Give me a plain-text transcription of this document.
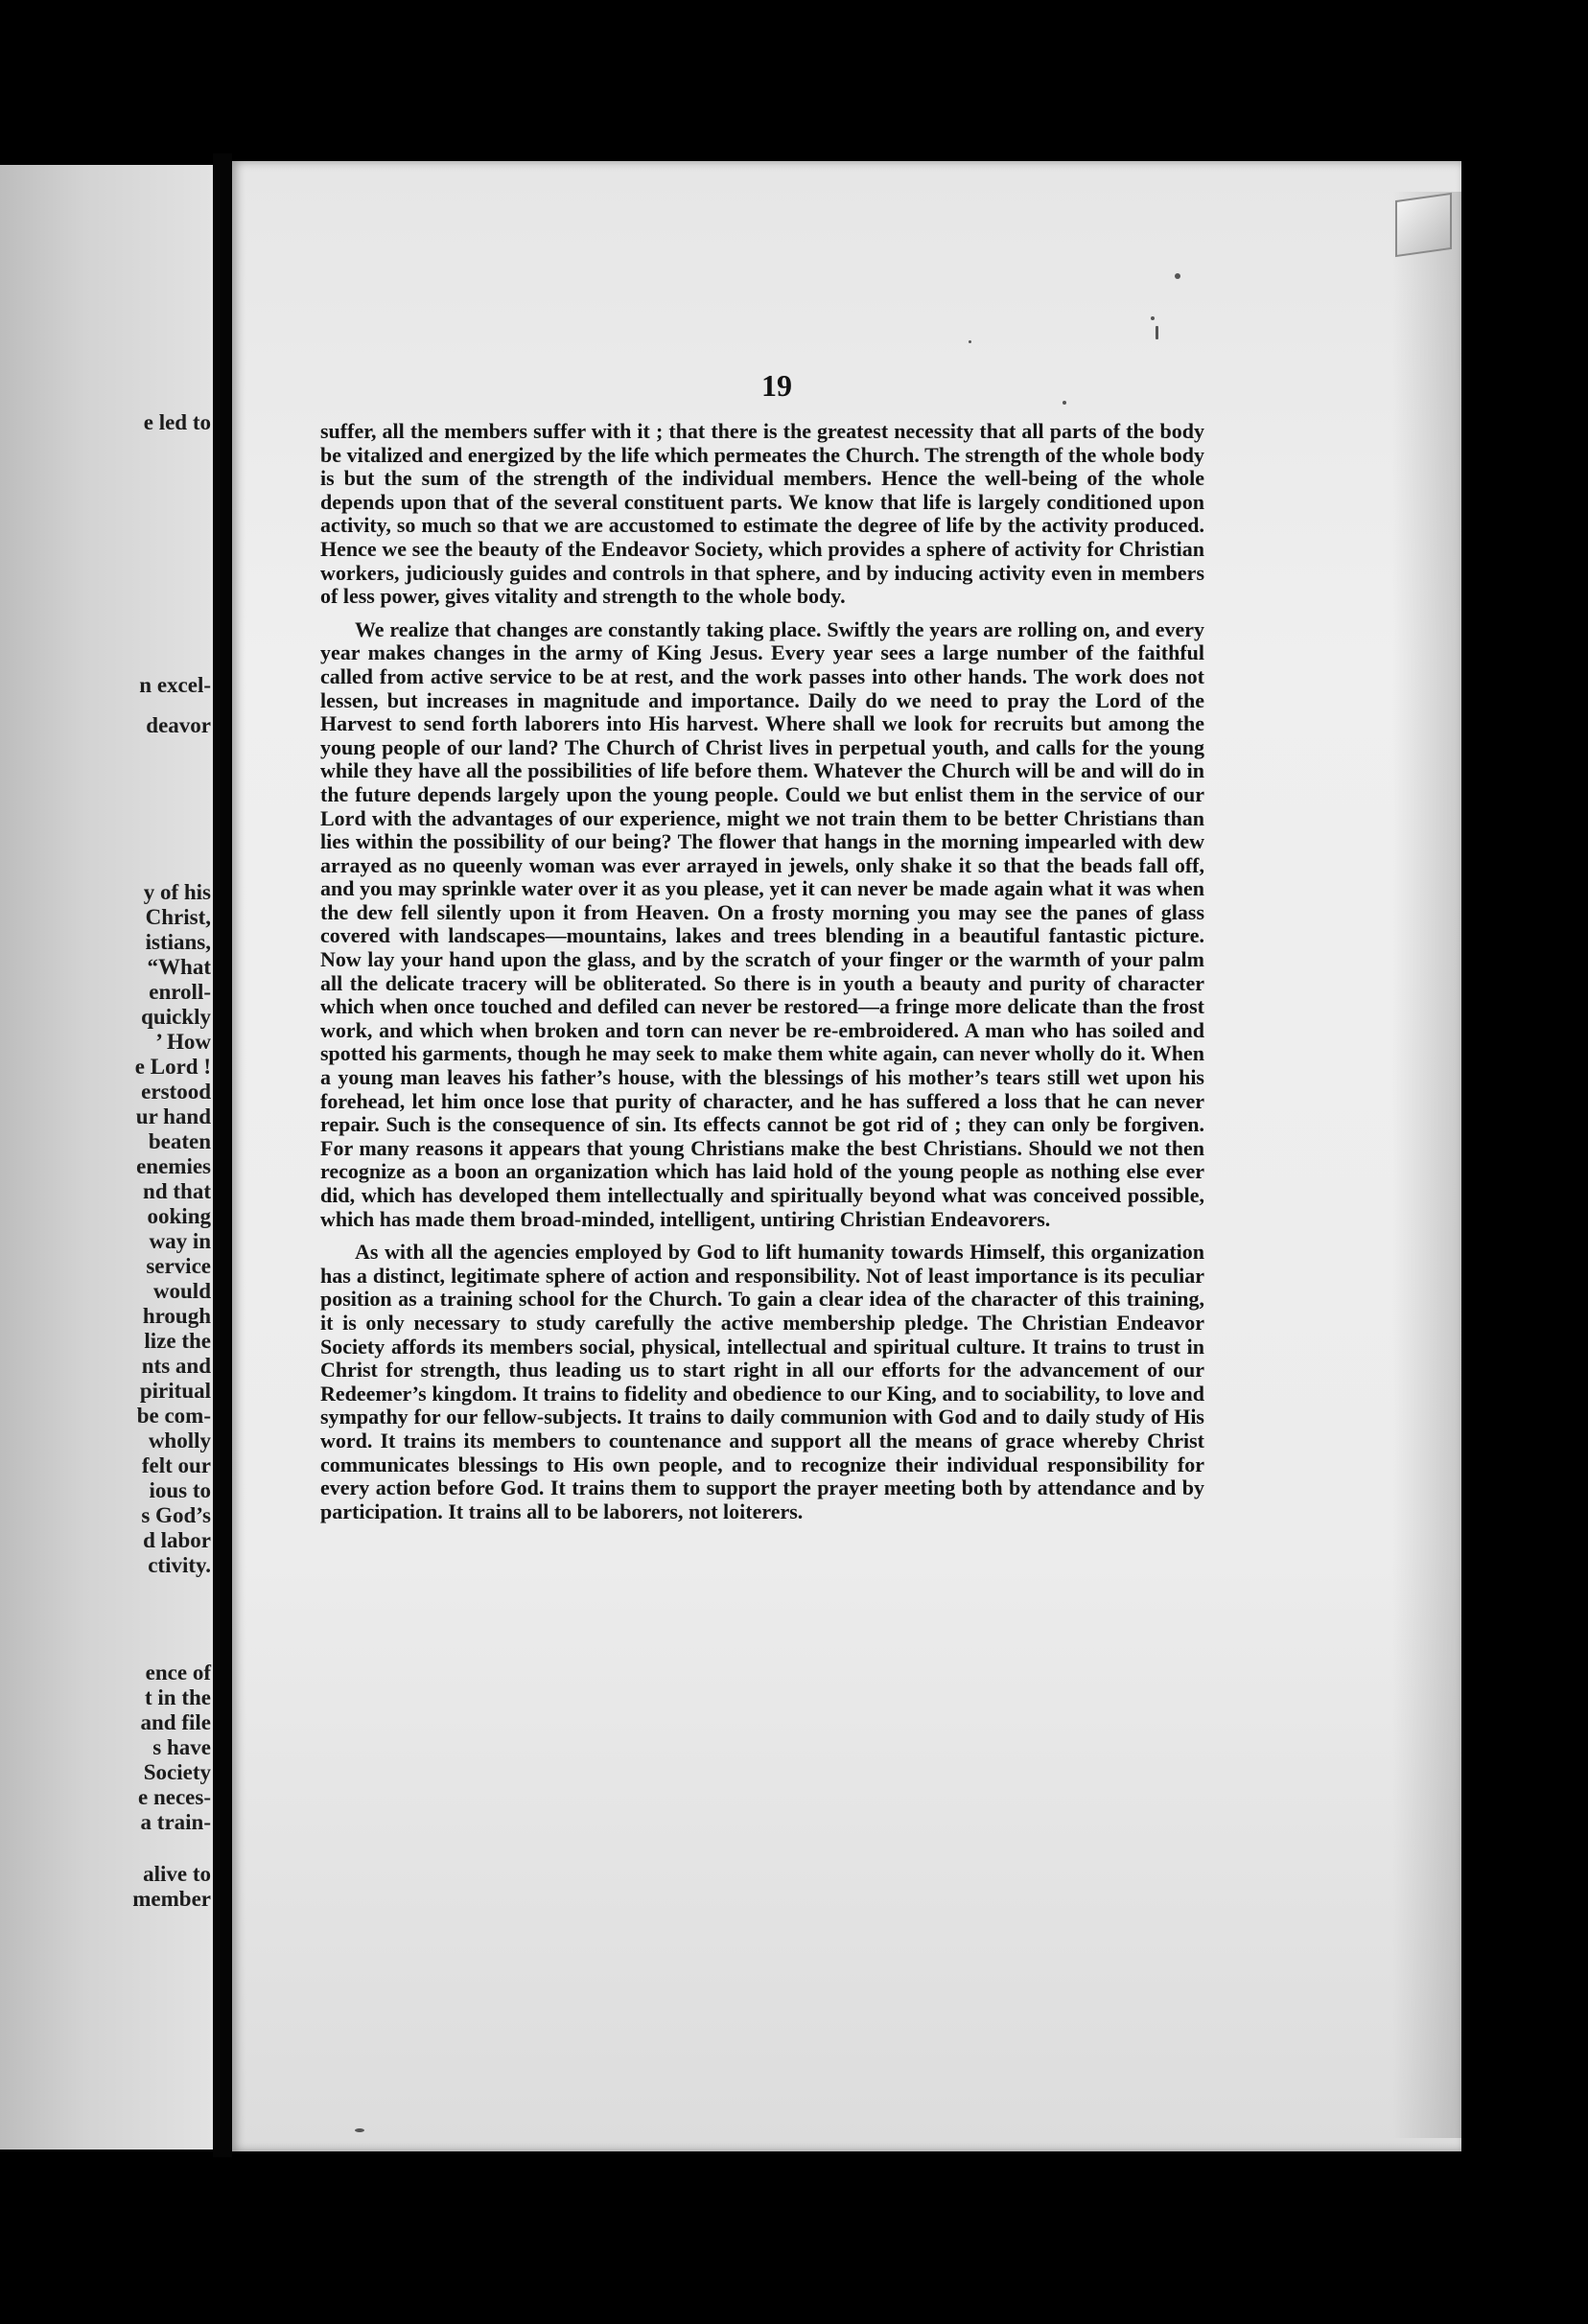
e led to
n excel-
deavor
y of his
Christ,
istians,
“What
enroll-
quickly
’ How
e Lord !
erstood
ur hand
beaten
enemies
nd that
ooking
way in
service
would
hrough
lize the
nts and
piritual
be com-
wholly
felt our
ious to
s God’s
d labor
ctivity.
ence of
t in the
and file
s have
Society
e neces-
a train-
alive to
member
19

suffer, all the members suffer with it ; that there is the greatest necessity that all parts of the body be vitalized and energized by the life which permeates the Church. The strength of the whole body is but the sum of the strength of the individual members. Hence the well-being of the whole depends upon that of the several constituent parts. We know that life is largely conditioned upon activity, so much so that we are accustomed to estimate the degree of life by the activity produced. Hence we see the beauty of the Endeavor Society, which provides a sphere of activity for Christian workers, judiciously guides and controls in that sphere, and by inducing activity even in members of less power, gives vitality and strength to the whole body.

We realize that changes are constantly taking place. Swiftly the years are rolling on, and every year makes changes in the army of King Jesus. Every year sees a large number of the faithful called from active service to be at rest, and the work passes into other hands. The work does not lessen, but increases in magnitude and importance. Daily do we need to pray the Lord of the Harvest to send forth laborers into His harvest. Where shall we look for recruits but among the young people of our land? The Church of Christ lives in perpetual youth, and calls for the young while they have all the possibilities of life before them. Whatever the Church will be and will do in the future depends largely upon the young people. Could we but enlist them in the service of our Lord with the advantages of our experience, might we not train them to be better Christians than lies within the possibility of our being? The flower that hangs in the morning impearled with dew arrayed as no queenly woman was ever arrayed in jewels, only shake it so that the beads fall off, and you may sprinkle water over it as you please, yet it can never be made again what it was when the dew fell silently upon it from Heaven. On a frosty morning you may see the panes of glass covered with landscapes—mountains, lakes and trees blending in a beautiful fantastic picture. Now lay your hand upon the glass, and by the scratch of your finger or the warmth of your palm all the delicate tracery will be obliterated. So there is in youth a beauty and purity of character which when once touched and defiled can never be restored—a fringe more delicate than the frost work, and which when broken and torn can never be re-embroidered. A man who has soiled and spotted his garments, though he may seek to make them white again, can never wholly do it. When a young man leaves his father’s house, with the blessings of his mother’s tears still wet upon his forehead, let him once lose that purity of character, and he has suffered a loss that he can never repair. Such is the consequence of sin. Its effects cannot be got rid of ; they can only be forgiven. For many reasons it appears that young Christians make the best Christians. Should we not then recognize as a boon an organization which has laid hold of the young people as nothing else ever did, which has developed them intellectually and spiritually beyond what was conceived possible, which has made them broad-minded, intelligent, untiring Christian Endeavorers.

As with all the agencies employed by God to lift humanity towards Himself, this organization has a distinct, legitimate sphere of action and responsibility. Not of least importance is its peculiar position as a training school for the Church. To gain a clear idea of the character of this training, it is only necessary to study carefully the active membership pledge. The Christian Endeavor Society affords its members social, physical, intellectual and spiritual culture. It trains to trust in Christ for strength, thus leading us to start right in all our efforts for the advancement of our Redeemer’s kingdom. It trains to fidelity and obedience to our King, and to sociability, to love and sympathy for our fellow-subjects. It trains to daily communion with God and to daily study of His word. It trains its members to countenance and support all the means of grace whereby Christ communicates blessings to His own people, and to recognize their individual responsibility for every action before God. It trains them to support the prayer meeting both by attendance and by participation. It trains all to be laborers, not loiterers.
